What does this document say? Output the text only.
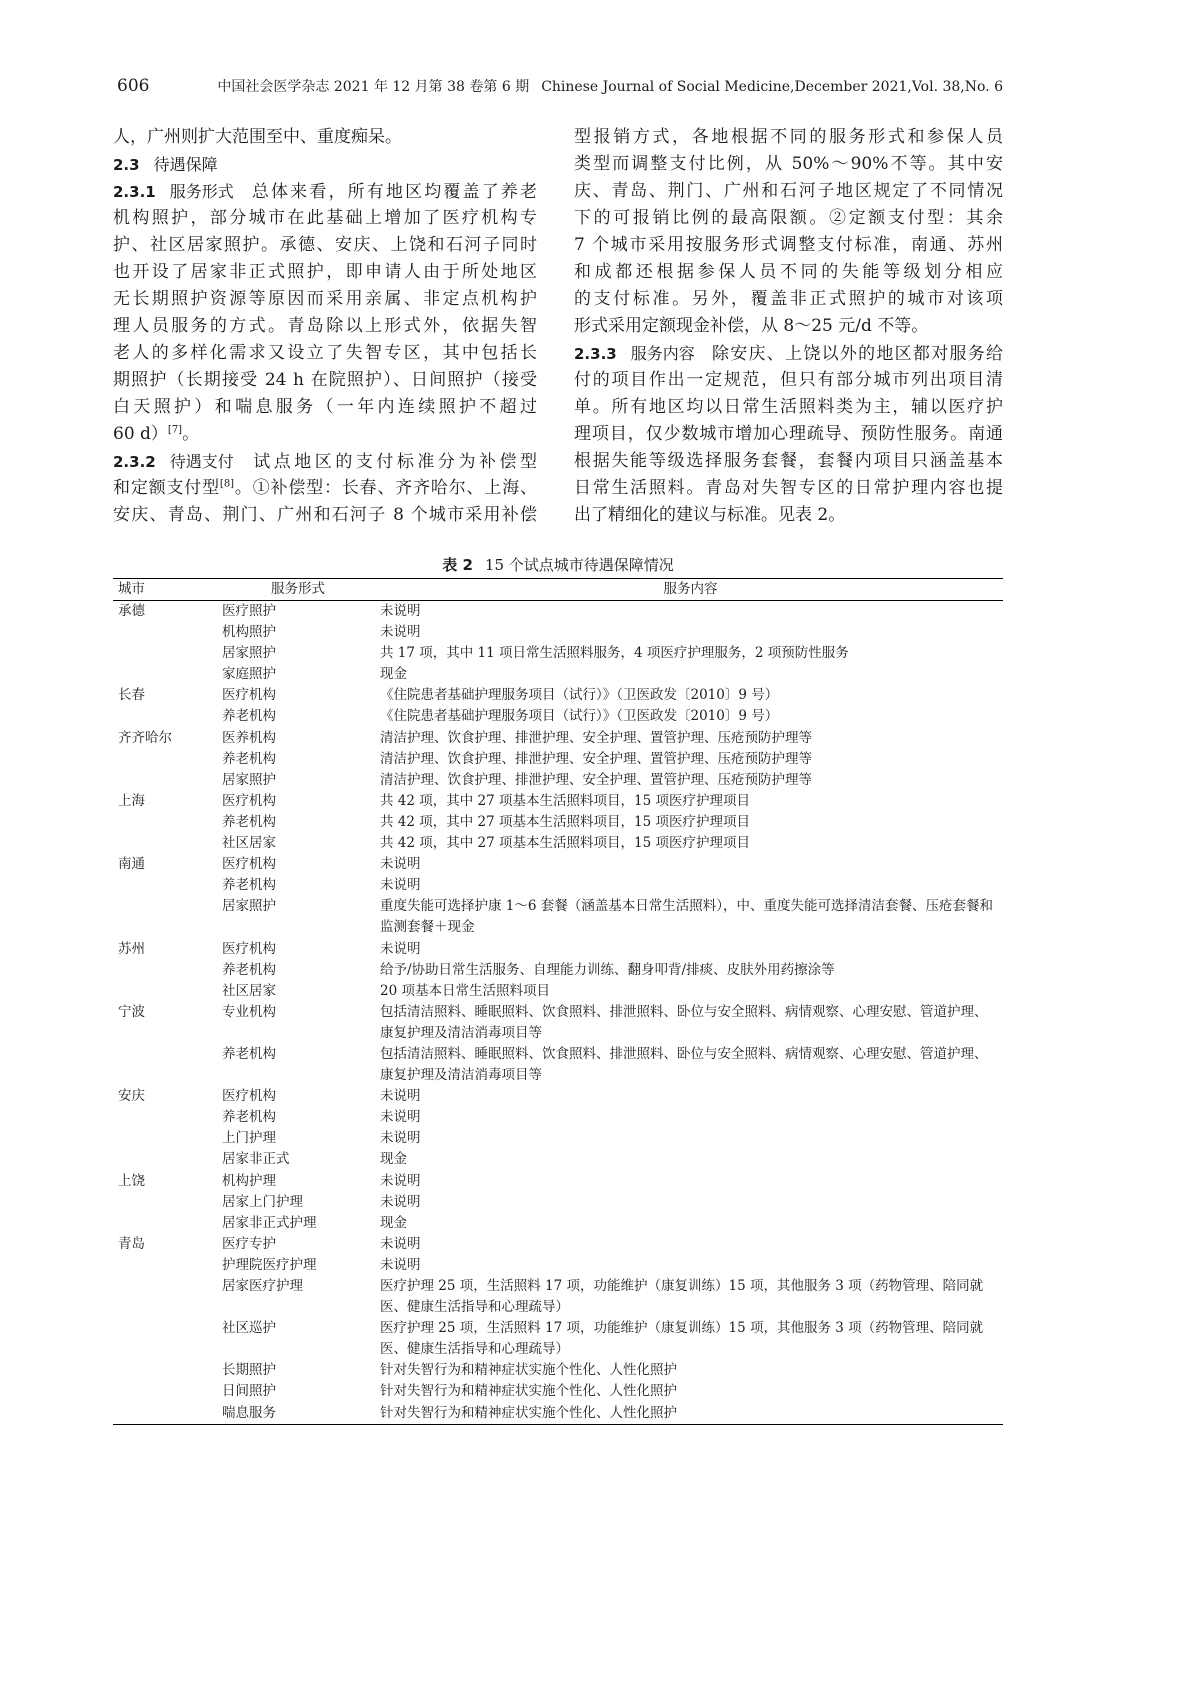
606	中国社会医学杂志 2021 年 12 月第 38 卷第 6 期 Chinese Journal of Social Medicine,December 2021,Vol. 38,No. 6
人，广州则扩大范围至中、重度痴呆。
2.3 待遇保障
2.3.1 服务形式 总体来看，所有地区均覆盖了养老
机构照护，部分城市在此基础上增加了医疗机构专
护、社区居家照护。承德、安庆、上饶和石河子同时
也开设了居家非正式照护，即申请人由于所处地区
无长期照护资源等原因而采用亲属、非定点机构护
理人员服务的方式。青岛除以上形式外，依据失智
老人的多样化需求又设立了失智专区，其中包括长
期照护（长期接受 24 h 在院照护）、日间照护（接受
白天照护）和喘息服务（一年内连续照护不超过
60 d）[7]。
2.3.2 待遇支付 试点地区的支付标准分为补偿型
和定额支付型[8]。①补偿型：长春、齐齐哈尔、上海、
安庆、青岛、荆门、广州和石河子 8 个城市采用补偿
型报销方式，各地根据不同的服务形式和参保人员
类型而调整支付比例，从 50%～90%不等。其中安
庆、青岛、荆门、广州和石河子地区规定了不同情况
下的可报销比例的最高限额。②定额支付型：其余
7 个城市采用按服务形式调整支付标准，南通、苏州
和成都还根据参保人员不同的失能等级划分相应
的支付标准。另外，覆盖非正式照护的城市对该项
形式采用定额现金补偿，从 8～25 元/d 不等。
2.3.3 服务内容 除安庆、上饶以外的地区都对服务给
付的项目作出一定规范，但只有部分城市列出项目清
单。所有地区均以日常生活照料类为主，辅以医疗护
理项目，仅少数城市增加心理疏导、预防性服务。南通
根据失能等级选择服务套餐，套餐内项目只涵盖基本
日常生活照料。青岛对失智专区的日常护理内容也提
出了精细化的建议与标准。见表 2。
表 2 15 个试点城市待遇保障情况
城市	服务形式	服务内容
承德	医疗照护	未说明
	机构照护	未说明
	居家照护	共 17 项，其中 11 项日常生活照料服务，4 项医疗护理服务，2 项预防性服务
	家庭照护	现金
长春	医疗机构	《住院患者基础护理服务项目（试行）》（卫医政发〔2010〕9 号）
	养老机构	《住院患者基础护理服务项目（试行）》（卫医政发〔2010〕9 号）
齐齐哈尔	医养机构	清洁护理、饮食护理、排泄护理、安全护理、置管护理、压疮预防护理等
	养老机构	清洁护理、饮食护理、排泄护理、安全护理、置管护理、压疮预防护理等
	居家照护	清洁护理、饮食护理、排泄护理、安全护理、置管护理、压疮预防护理等
上海	医疗机构	共 42 项，其中 27 项基本生活照料项目，15 项医疗护理项目
	养老机构	共 42 项，其中 27 项基本生活照料项目，15 项医疗护理项目
	社区居家	共 42 项，其中 27 项基本生活照料项目，15 项医疗护理项目
南通	医疗机构	未说明
	养老机构	未说明
	居家照护	重度失能可选择护康 1～6 套餐（涵盖基本日常生活照料），中、重度失能可选择清洁套餐、压疮套餐和监测套餐＋现金
苏州	医疗机构	未说明
	养老机构	给予/协助日常生活服务、自理能力训练、翻身叩背/排痰、皮肤外用药擦涂等
	社区居家	20 项基本日常生活照料项目
宁波	专业机构	包括清洁照料、睡眠照料、饮食照料、排泄照料、卧位与安全照料、病情观察、心理安慰、管道护理、康复护理及清洁消毒项目等
	养老机构	包括清洁照料、睡眠照料、饮食照料、排泄照料、卧位与安全照料、病情观察、心理安慰、管道护理、康复护理及清洁消毒项目等
安庆	医疗机构	未说明
	养老机构	未说明
	上门护理	未说明
	居家非正式	现金
上饶	机构护理	未说明
	居家上门护理	未说明
	居家非正式护理	现金
青岛	医疗专护	未说明
	护理院医疗护理	未说明
	居家医疗护理	医疗护理 25 项，生活照料 17 项，功能维护（康复训练）15 项，其他服务 3 项（药物管理、陪同就医、健康生活指导和心理疏导）
	社区巡护	医疗护理 25 项，生活照料 17 项，功能维护（康复训练）15 项，其他服务 3 项（药物管理、陪同就医、健康生活指导和心理疏导）
	长期照护	针对失智行为和精神症状实施个性化、人性化照护
	日间照护	针对失智行为和精神症状实施个性化、人性化照护
	喘息服务	针对失智行为和精神症状实施个性化、人性化照护
